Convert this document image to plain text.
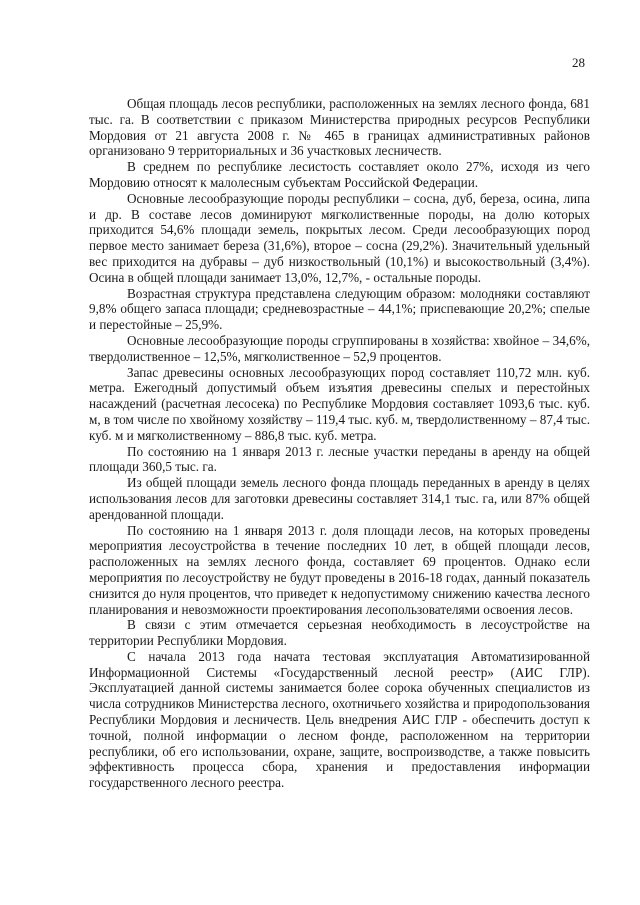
28

Общая площадь лесов республики, расположенных на землях лесного фонда, 681 тыс. га. В соответствии с приказом Министерства природных ресурсов Республики Мордовия от 21 августа 2008 г. № 465 в границах административных районов организовано 9 территориальных и 36 участковых лесничеств.

В среднем по республике лесистость составляет около 27%, исходя из чего Мордовию относят к малолесным субъектам Российской Федерации.

Основные лесообразующие породы республики – сосна, дуб, береза, осина, липа и др. В составе лесов доминируют мягколиственные породы, на долю которых приходится 54,6% площади земель, покрытых лесом. Среди лесообразующих пород первое место занимает береза (31,6%), второе – сосна (29,2%). Значительный удельный вес приходится на дубравы – дуб низкоствольный (10,1%) и высокоствольный (3,4%). Осина в общей площади занимает 13,0%, 12,7%, - остальные породы.

Возрастная структура представлена следующим образом: молодняки составляют 9,8% общего запаса площади; средневозрастные – 44,1%; приспевающие 20,2%; спелые и перестойные – 25,9%.

Основные лесообразующие породы сгруппированы в хозяйства: хвойное – 34,6%, твердолиственное – 12,5%, мягколиственное – 52,9 процентов.

Запас древесины основных лесообразующих пород составляет 110,72 млн. куб. метра. Ежегодный допустимый объем изъятия древесины спелых и перестойных насаждений (расчетная лесосека) по Республике Мордовия составляет 1093,6 тыс. куб. м, в том числе по хвойному хозяйству – 119,4 тыс. куб. м, твердолиственному – 87,4 тыс. куб. м и мягколиственному – 886,8 тыс. куб. метра.

По состоянию на 1 января 2013 г. лесные участки переданы в аренду на общей площади 360,5 тыс. га.

Из общей площади земель лесного фонда площадь переданных в аренду в целях использования лесов для заготовки древесины составляет 314,1 тыс. га, или 87% общей арендованной площади.

По состоянию на 1 января 2013 г. доля площади лесов, на которых проведены мероприятия лесоустройства в течение последних 10 лет, в общей площади лесов, расположенных на землях лесного фонда, составляет 69 процентов. Однако если мероприятия по лесоустройству не будут проведены в 2016-18 годах, данный показатель снизится до нуля процентов, что приведет к недопустимому снижению качества лесного планирования и невозможности проектирования лесопользователями освоения лесов.

В связи с этим отмечается серьезная необходимость в лесоустройстве на территории Республики Мордовия.

С начала 2013 года начата тестовая эксплуатация Автоматизированной Информационной Системы «Государственный лесной реестр» (АИС ГЛР). Эксплуатацией данной системы занимается более сорока обученных специалистов из числа сотрудников Министерства лесного, охотничьего хозяйства и природопользования Республики Мордовия и лесничеств. Цель внедрения АИС ГЛР - обеспечить доступ к точной, полной информации о лесном фонде, расположенном на территории республики, об его использовании, охране, защите, воспроизводстве, а также повысить эффективность процесса сбора, хранения и предоставления информации государственного лесного реестра.
